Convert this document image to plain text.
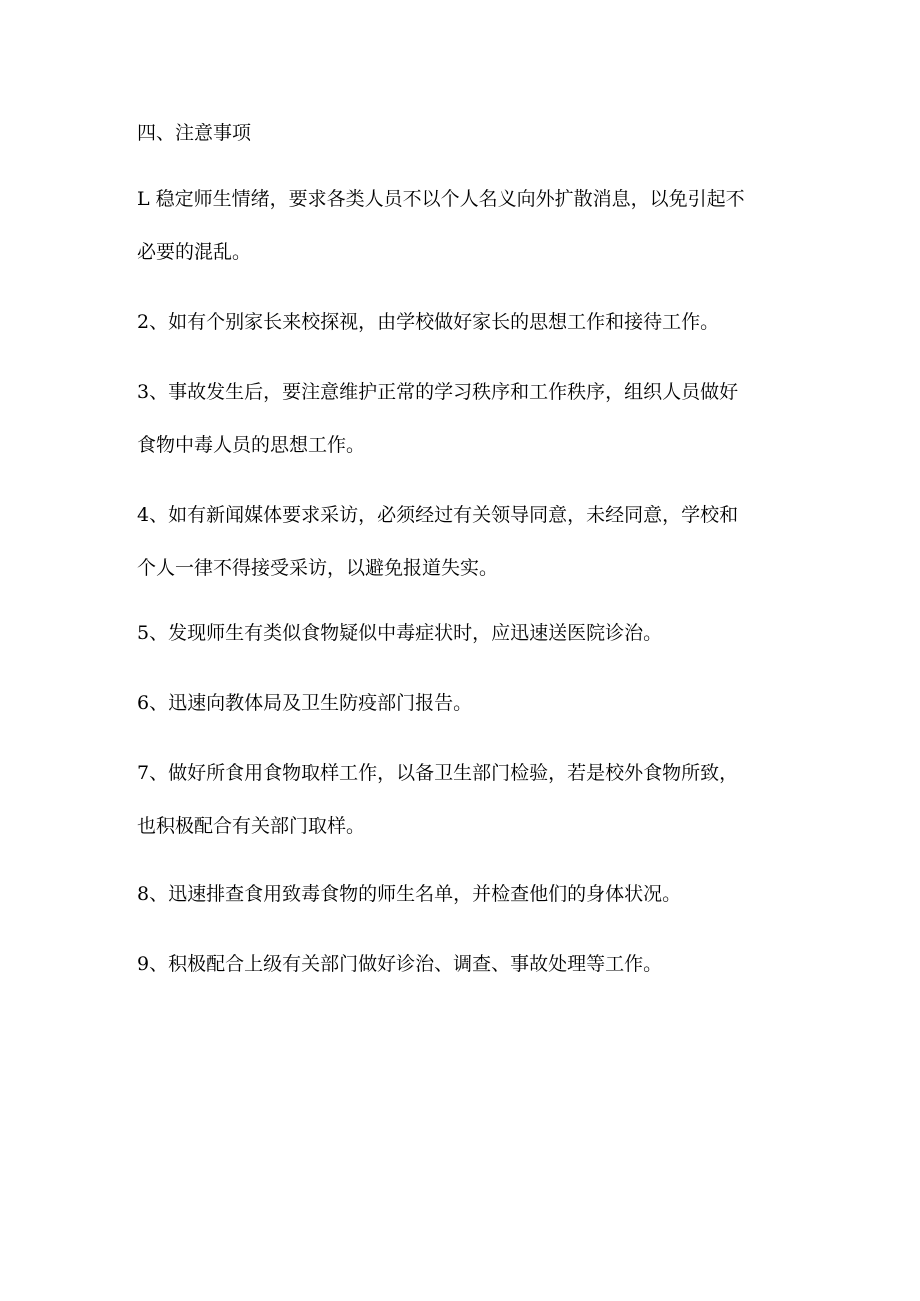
四、注意事项
L 稳定师生情绪，要求各类人员不以个人名义向外扩散消息，以免引起不
必要的混乱。
2、如有个别家长来校探视，由学校做好家长的思想工作和接待工作。
3、事故发生后，要注意维护正常的学习秩序和工作秩序，组织人员做好
食物中毒人员的思想工作。
4、如有新闻媒体要求采访，必须经过有关领导同意，未经同意，学校和
个人一律不得接受采访，以避免报道失实。
5、发现师生有类似食物疑似中毒症状时，应迅速送医院诊治。
6、迅速向教体局及卫生防疫部门报告。
7、做好所食用食物取样工作，以备卫生部门检验，若是校外食物所致，
也积极配合有关部门取样。
8、迅速排查食用致毒食物的师生名单，并检查他们的身体状况。
9、积极配合上级有关部门做好诊治、调查、事故处理等工作。
